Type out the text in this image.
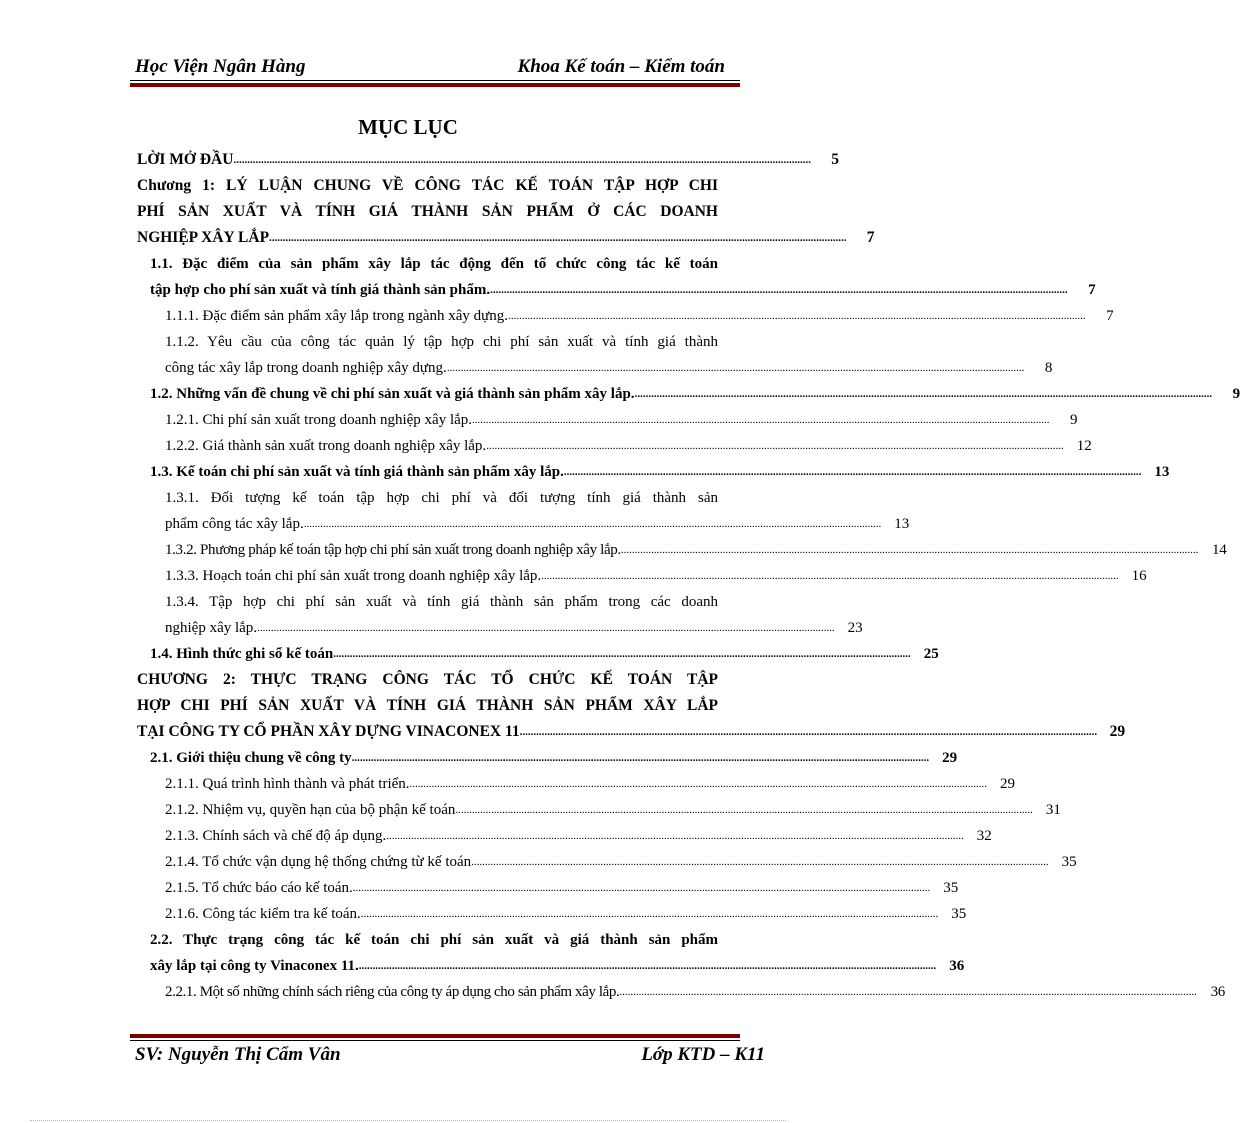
Học Viện Ngân Hàng	Khoa Kế toán – Kiểm toán
MỤC LỤC
LỜI MỞ ĐẦU ..................................................................................................................................................................................................................	5
Chương 1: LÝ LUẬN CHUNG VỀ CÔNG TÁC KẾ TOÁN TẬP HỢP CHI
PHÍ SẢN XUẤT VÀ TÍNH GIÁ THÀNH SẢN PHẨM Ở CÁC DOANH
NGHIỆP XÂY LẮP ..................................................................................................................................................................................................................	7
1.1. Đặc điểm của sản phẩm xây lắp tác động đến tổ chức công tác kế toán
tập hợp cho phí sản xuất và tính giá thành sản phẩm. ..................................................................................................................................................................................................................	7
1.1.1. Đặc điểm sản phẩm xây lắp trong ngành xây dựng. ..................................................................................................................................................................................................................	7
1.1.2. Yêu cầu của công tác quản lý tập hợp chi phí sản xuất và tính giá thành
công tác xây lắp trong doanh nghiệp xây dựng. ..................................................................................................................................................................................................................	8
1.2. Những vấn đề chung về chi phí sản xuất và giá thành sản phẩm xây lắp. ..................................................................................................................................................................................................................	9
1.2.1. Chi phí sản xuất trong doanh nghiệp xây lắp. ..................................................................................................................................................................................................................	9
1.2.2. Giá thành sản xuất trong doanh nghiệp xây lắp. .................................................................................................................................................................................................................. 12
1.3. Kế toán chi phí sản xuất và tính giá thành sản phẩm xây lắp. .................................................................................................................................................................................................................. 13
1.3.1. Đối tượng kế toán tập hợp chi phí và đối tượng tính giá thành sản
phẩm công tác xây lắp. .................................................................................................................................................................................................................. 13
1.3.2. Phương pháp kế toán tập hợp chi phí sản xuất trong doanh nghiệp xây lắp. .................................................................................................................................................................................................................. 14
1.3.3. Hoạch toán chi phí sản xuất trong doanh nghiệp xây lắp. .................................................................................................................................................................................................................. 16
1.3.4. Tập hợp chi phí sản xuất và tính giá thành sản phẩm trong các doanh
nghiệp xây lắp. .................................................................................................................................................................................................................. 23
1.4. Hình thức ghi sổ kế toán .................................................................................................................................................................................................................. 25
CHƯƠNG 2: THỰC TRẠNG CÔNG TÁC TỔ CHỨC KẾ TOÁN TẬP
HỢP CHI PHÍ SẢN XUẤT VÀ TÍNH GIÁ THÀNH SẢN PHẨM XÂY LẮP
TẠI CÔNG TY CỔ PHẦN XÂY DỰNG VINACONEX 11 .................................................................................................................................................................................................................. 29
2.1. Giới thiệu chung về công ty .................................................................................................................................................................................................................. 29
2.1.1. Quá trình hình thành và phát triển. .................................................................................................................................................................................................................. 29
2.1.2. Nhiệm vụ, quyền hạn của bộ phận kế toán .................................................................................................................................................................................................................. 31
2.1.3. Chính sách và chế độ áp dụng. .................................................................................................................................................................................................................. 32
2.1.4. Tổ chức vận dụng hệ thống chứng từ kế toán .................................................................................................................................................................................................................. 35
2.1.5. Tổ chức báo cáo kế toán. .................................................................................................................................................................................................................. 35
2.1.6. Công tác kiểm tra kế toán. .................................................................................................................................................................................................................. 35
2.2. Thực trạng công tác kế toán chi phí sản xuất và giá thành sản phẩm
xây lắp tại công ty Vinaconex 11. .................................................................................................................................................................................................................. 36
2.2.1. Một số những chính sách riêng của công ty áp dụng cho sản phẩm xây lắp. .................................................................................................................................................................................................................. 36
SV: Nguyễn Thị Cẩm Vân	Lớp KTD – K11
